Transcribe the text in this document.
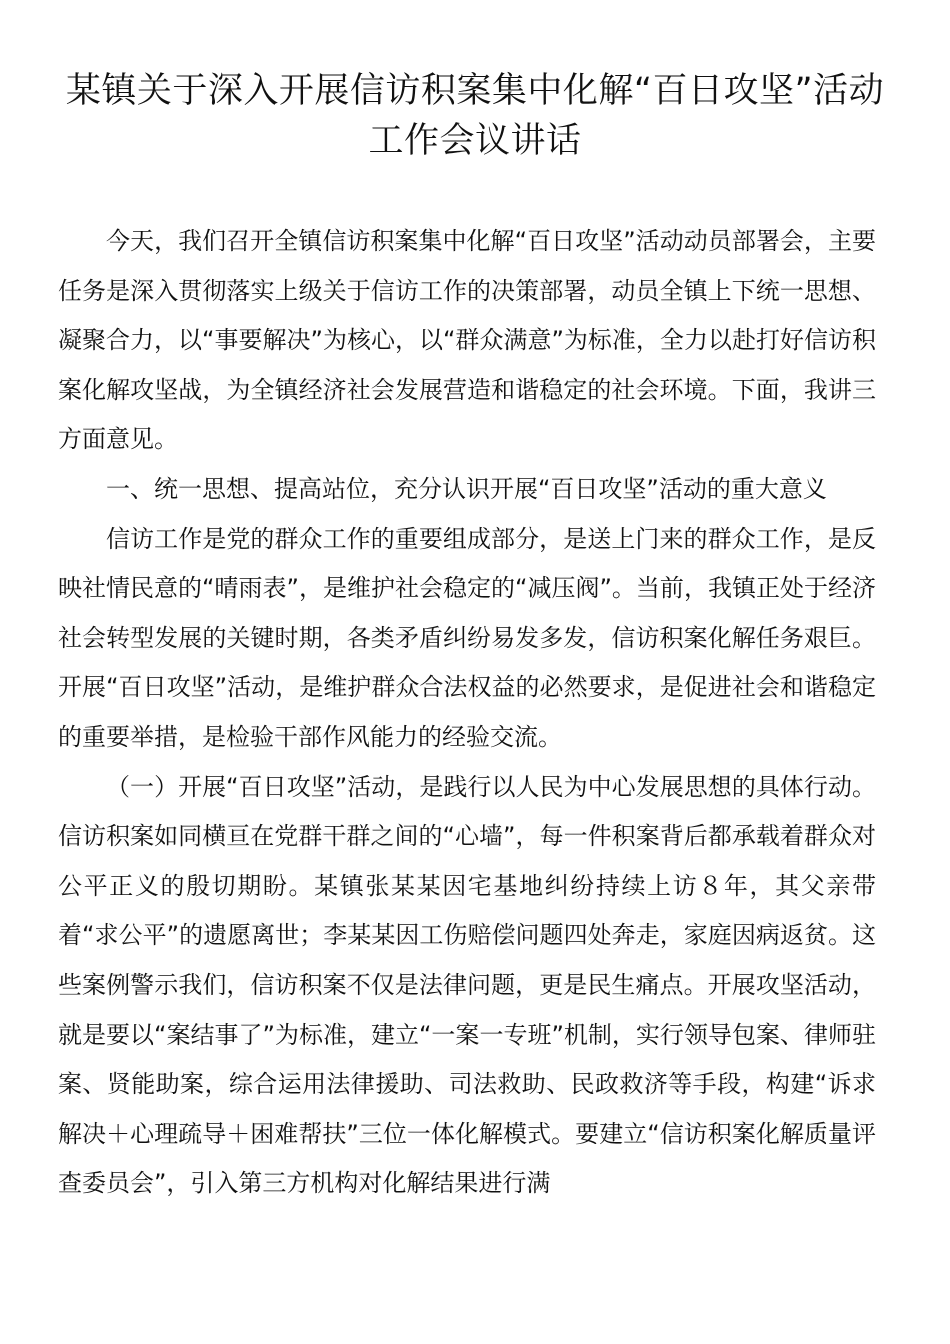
某镇关于深入开展信访积案集中化解“百日攻坚”活动工作会议讲话

今天，我们召开全镇信访积案集中化解“百日攻坚”活动动员部署会，主要任务是深入贯彻落实上级关于信访工作的决策部署，动员全镇上下统一思想、凝聚合力，以“事要解决”为核心，以“群众满意”为标准，全力以赴打好信访积案化解攻坚战，为全镇经济社会发展营造和谐稳定的社会环境。下面，我讲三方面意见。

一、统一思想、提高站位，充分认识开展“百日攻坚”活动的重大意义

信访工作是党的群众工作的重要组成部分，是送上门来的群众工作，是反映社情民意的“晴雨表”，是维护社会稳定的“减压阀”。当前，我镇正处于经济社会转型发展的关键时期，各类矛盾纠纷易发多发，信访积案化解任务艰巨。开展“百日攻坚”活动，是维护群众合法权益的必然要求，是促进社会和谐稳定的重要举措，是检验干部作风能力的经验交流。

（一）开展“百日攻坚”活动，是践行以人民为中心发展思想的具体行动。信访积案如同横亘在党群干群之间的“心墙”，每一件积案背后都承载着群众对公平正义的殷切期盼。某镇张某某因宅基地纠纷持续上访８年，其父亲带着“求公平”的遗愿离世；李某某因工伤赔偿问题四处奔走，家庭因病返贫。这些案例警示我们，信访积案不仅是法律问题，更是民生痛点。开展攻坚活动，就是要以“案结事了”为标准，建立“一案一专班”机制，实行领导包案、律师驻案、贤能助案，综合运用法律援助、司法救助、民政救济等手段，构建“诉求解决＋心理疏导＋困难帮扶”三位一体化解模式。要建立“信访积案化解质量评查委员会”，引入第三方机构对化解结果进行满
